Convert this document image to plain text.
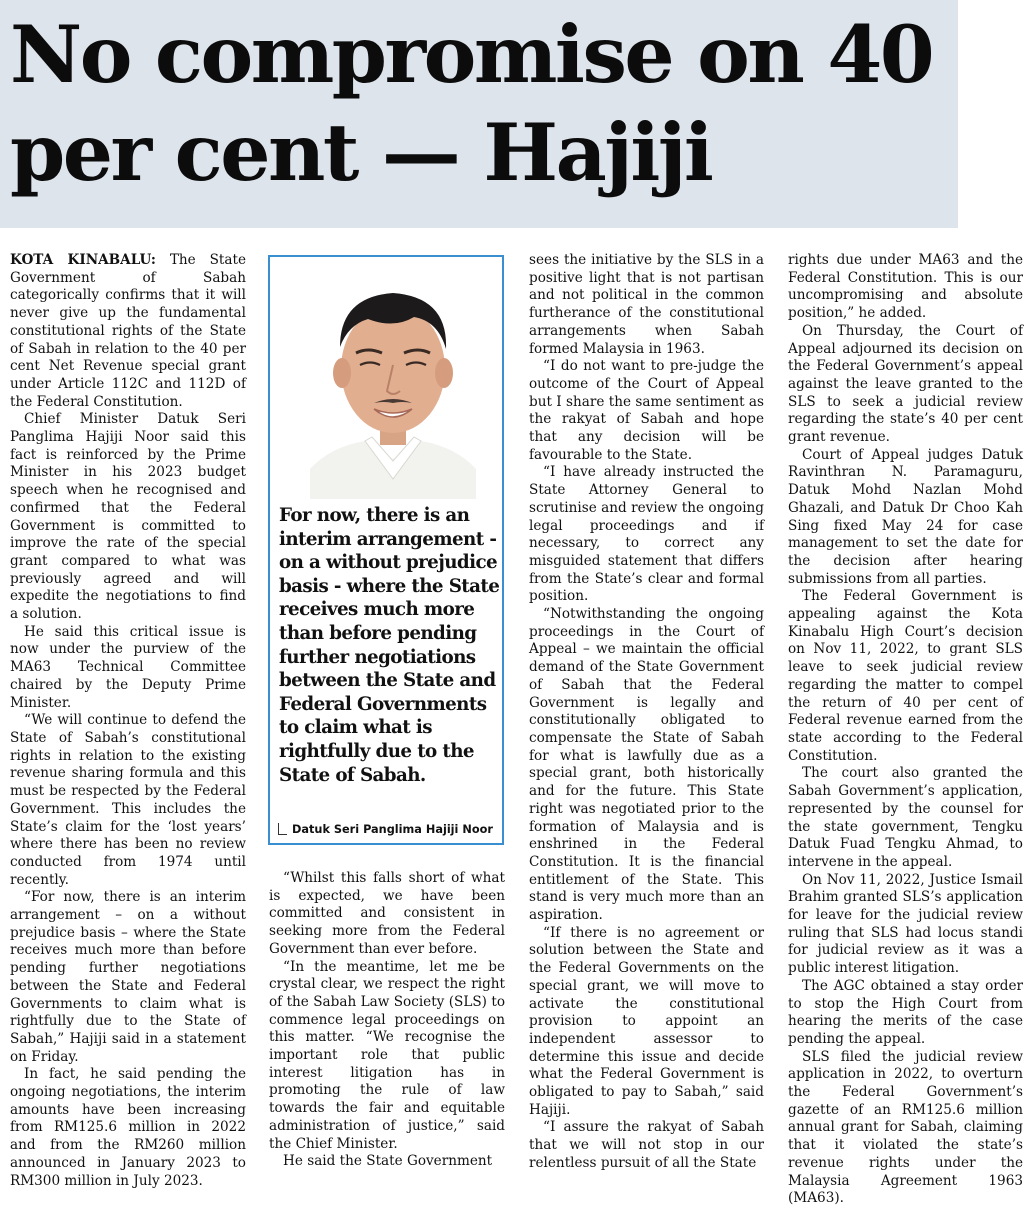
No compromise on 40 per cent — Hajiji

KOTA KINABALU: The State Government of Sabah categorically confirms that it will never give up the fundamental constitutional rights of the State of Sabah in relation to the 40 per cent Net Revenue special grant under Article 112C and 112D of the Federal Constitution.

Chief Minister Datuk Seri Panglima Hajiji Noor said this fact is reinforced by the Prime Minister in his 2023 budget speech when he recognised and confirmed that the Federal Government is committed to improve the rate of the special grant compared to what was previously agreed and will expedite the negotiations to find a solution.

He said this critical issue is now under the purview of the MA63 Technical Committee chaired by the Deputy Prime Minister.

“We will continue to defend the State of Sabah’s constitutional rights in relation to the existing revenue sharing formula and this must be respected by the Federal Government. This includes the State’s claim for the ‘lost years’ where there has been no review conducted from 1974 until recently.

“For now, there is an interim arrangement – on a without prejudice basis – where the State receives much more than before pending further negotiations between the State and Federal Governments to claim what is rightfully due to the State of Sabah,” Hajiji said in a statement on Friday.

In fact, he said pending the ongoing negotiations, the interim amounts have been increasing from RM125.6 million in 2022 and from the RM260 million announced in January 2023 to RM300 million in July 2023.

For now, there is an interim arrangement - on a without prejudice basis - where the State receives much more than before pending further negotiations between the State and Federal Governments to claim what is rightfully due to the State of Sabah.

Datuk Seri Panglima Hajiji Noor

“Whilst this falls short of what is expected, we have been committed and consistent in seeking more from the Federal Government than ever before.

“In the meantime, let me be crystal clear, we respect the right of the Sabah Law Society (SLS) to commence legal proceedings on this matter. “We recognise the important role that public interest litigation has in promoting the rule of law towards the fair and equitable administration of justice,” said the Chief Minister.

He said the State Government

sees the initiative by the SLS in a positive light that is not partisan and not political in the common furtherance of the constitutional arrangements when Sabah formed Malaysia in 1963.

“I do not want to pre-judge the outcome of the Court of Appeal but I share the same sentiment as the rakyat of Sabah and hope that any decision will be favourable to the State.

“I have already instructed the State Attorney General to scrutinise and review the ongoing legal proceedings and if necessary, to correct any misguided statement that differs from the State’s clear and formal position.

“Notwithstanding the ongoing proceedings in the Court of Appeal – we maintain the official demand of the State Government of Sabah that the Federal Government is legally and constitutionally obligated to compensate the State of Sabah for what is lawfully due as a special grant, both historically and for the future. This State right was negotiated prior to the formation of Malaysia and is enshrined in the Federal Constitution. It is the financial entitlement of the State. This stand is very much more than an aspiration.

“If there is no agreement or solution between the State and the Federal Governments on the special grant, we will move to activate the constitutional provision to appoint an independent assessor to determine this issue and decide what the Federal Government is obligated to pay to Sabah,” said Hajiji.

“I assure the rakyat of Sabah that we will not stop in our relentless pursuit of all the State

rights due under MA63 and the Federal Constitution. This is our uncompromising and absolute position,” he added.

On Thursday, the Court of Appeal adjourned its decision on the Federal Government’s appeal against the leave granted to the SLS to seek a judicial review regarding the state’s 40 per cent grant revenue.

Court of Appeal judges Datuk Ravinthran N. Paramaguru, Datuk Mohd Nazlan Mohd Ghazali, and Datuk Dr Choo Kah Sing fixed May 24 for case management to set the date for the decision after hearing submissions from all parties.

The Federal Government is appealing against the Kota Kinabalu High Court’s decision on Nov 11, 2022, to grant SLS leave to seek judicial review regarding the matter to compel the return of 40 per cent of Federal revenue earned from the state according to the Federal Constitution.

The court also granted the Sabah Government’s application, represented by the counsel for the state government, Tengku Datuk Fuad Tengku Ahmad, to intervene in the appeal.

On Nov 11, 2022, Justice Ismail Brahim granted SLS’s application for leave for the judicial review ruling that SLS had locus standi for judicial review as it was a public interest litigation.

The AGC obtained a stay order to stop the High Court from hearing the merits of the case pending the appeal.

SLS filed the judicial review application in 2022, to overturn the Federal Government’s gazette of an RM125.6 million annual grant for Sabah, claiming that it violated the state’s revenue rights under the Malaysia Agreement 1963 (MA63).
